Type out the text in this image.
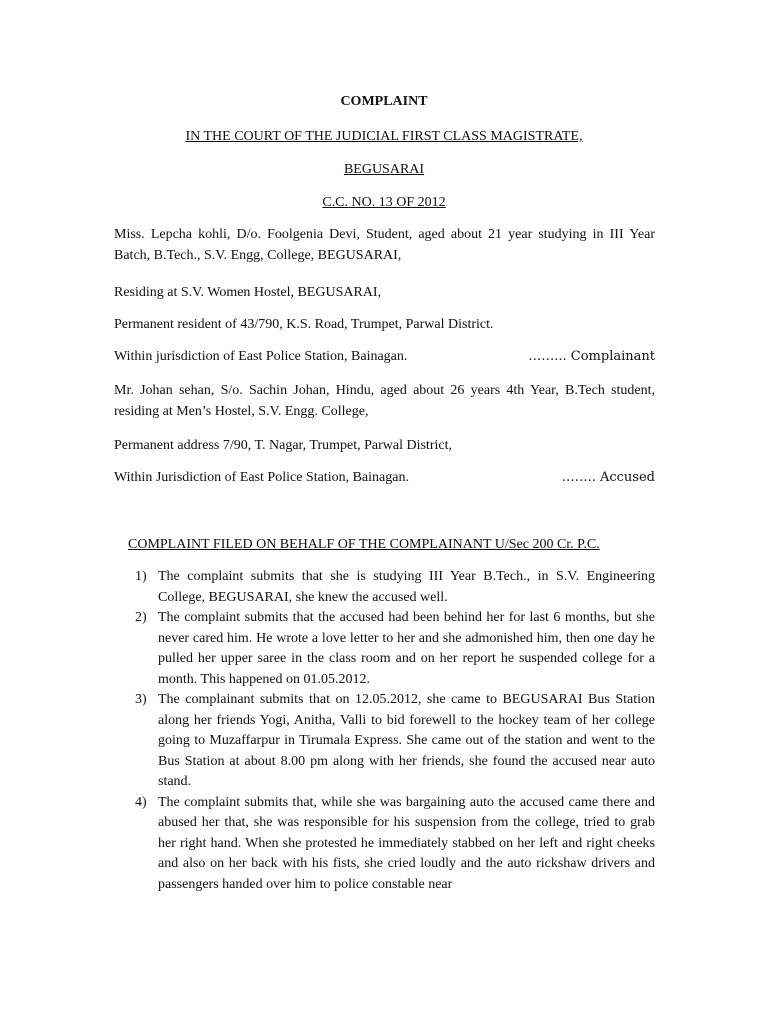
COMPLAINT
IN THE COURT OF THE JUDICIAL FIRST CLASS MAGISTRATE,
BEGUSARAI
C.C. NO. 13 OF 2012
Miss. Lepcha kohli, D/o. Foolgenia Devi, Student, aged about 21 year studying in III Year Batch, B.Tech., S.V. Engg, College, BEGUSARAI,
Residing at S.V. Women Hostel, BEGUSARAI,
Permanent resident of 43/790, K.S. Road, Trumpet, Parwal District.
Within jurisdiction of East Police Station, Bainagan.	……... Complainant
Mr. Johan sehan, S/o. Sachin Johan, Hindu, aged about 26 years 4th Year, B.Tech student, residing at Men’s Hostel, S.V. Engg. College,
Permanent address 7/90, T. Nagar, Trumpet, Parwal District,
Within Jurisdiction of East Police Station, Bainagan.	…….. Accused
COMPLAINT FILED ON BEHALF OF THE COMPLAINANT U/Sec 200 Cr. P.C.
1) The complaint submits that she is studying III Year B.Tech., in S.V. Engineering College, BEGUSARAI, she knew the accused well.
2) The complaint submits that the accused had been behind her for last 6 months, but she never cared him. He wrote a love letter to her and she admonished him, then one day he pulled her upper saree in the class room and on her report he suspended college for a month. This happened on 01.05.2012.
3) The complainant submits that on 12.05.2012, she came to BEGUSARAI Bus Station along her friends Yogi, Anitha, Valli to bid forewell to the hockey team of her college going to Muzaffarpur in Tirumala Express. She came out of the station and went to the Bus Station at about 8.00 pm along with her friends, she found the accused near auto stand.
4) The complaint submits that, while she was bargaining auto the accused came there and abused her that, she was responsible for his suspension from the college, tried to grab her right hand. When she protested he immediately stabbed on her left and right cheeks and also on her back with his fists, she cried loudly and the auto rickshaw drivers and passengers handed over him to police constable near
